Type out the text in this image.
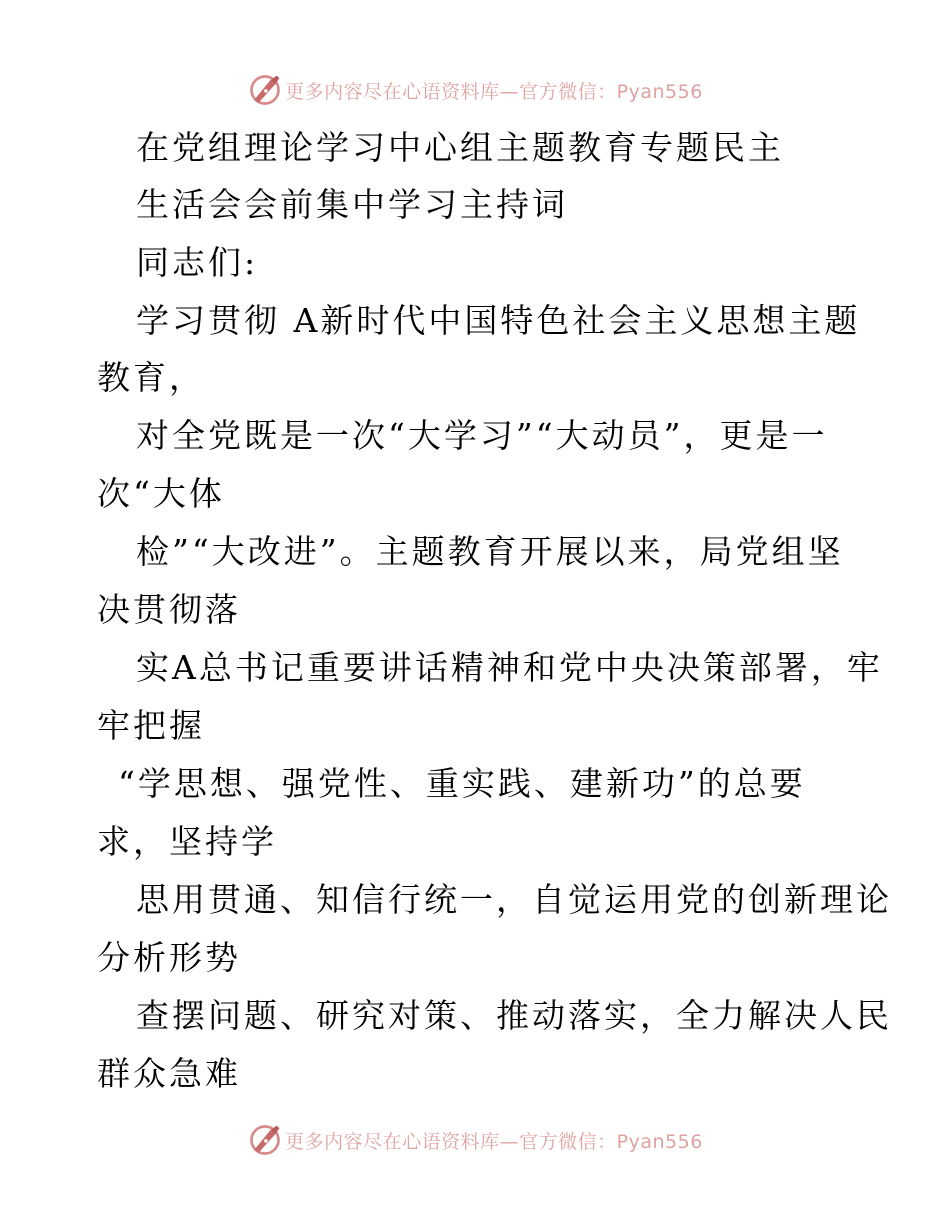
更多内容尽在心语资料库—官方微信：Pyan556
在党组理论学习中心组主题教育专题民主
生活会会前集中学习主持词
同志们:
学习贯彻 A新时代中国特色社会主义思想主题
教育，
对全党既是一次“大学习”“大动员”，更是一
次“大体
检”“大改进”。主题教育开展以来，局党组坚
决贯彻落
实A总书记重要讲话精神和党中央决策部署，牢
牢把握
“学思想、强党性、重实践、建新功”的总要
求，坚持学
思用贯通、知信行统一，自觉运用党的创新理论
分析形势
查摆问题、研究对策、推动落实，全力解决人民
群众急难
更多内容尽在心语资料库—官方微信：Pyan556
